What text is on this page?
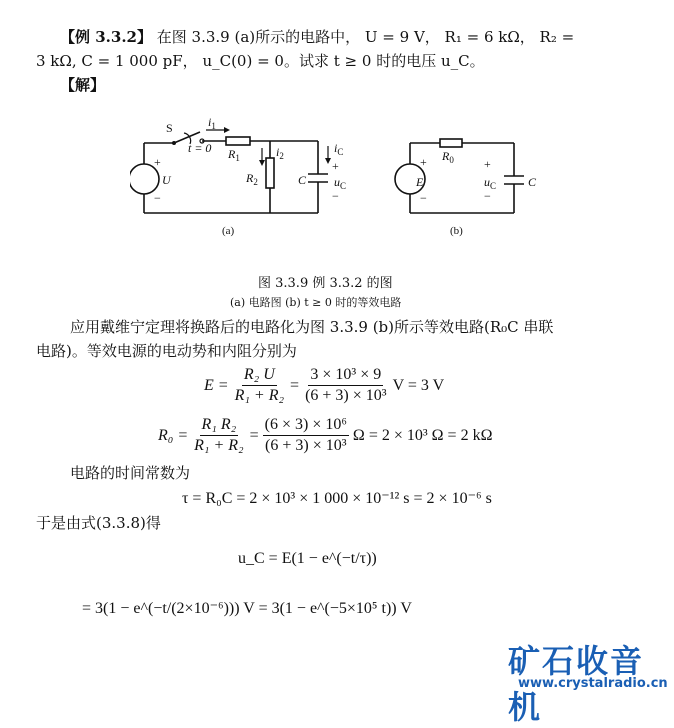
【例 3.3.2】 在图 3.3.9 (a)所示的电路中， U = 9 V， R₁ = 6 kΩ， R₂ =
3 kΩ, C = 1 000 pF， u_C(0) = 0。试求 t ≥ 0 时的电压 u_C。
【解】
+
−
+
−
+
−
+
−
S
t = 0
$i_1$
$R_1$	$i_2$
$R_2$
$i_C$
C $u_C$
U
$R_0$
E	$u_C$	C
(a)	(b)
图 3.3.9 例 3.3.2 的图
(a) 电路图 (b) t ≥ 0 时的等效电路
应用戴维宁定理将换路后的电路化为图 3.3.9 (b)所示等效电路(R₀C 串联
电路)。等效电源的电动势和内阻分别为
$E = \frac{\text{R₂ U}}{\text{R₁ + R₂}} = \frac{\text{3 × 10³ × 9}}{\text{(6 + 3) × 10³}}$ V = 3 V
$R_0 = \frac{\text{R₁ R₂}}{\text{R₁ + R₂}} = \frac{\text{(6 × 3) × 10⁶}}{\text{(6 + 3) × 10³}}$ Ω = 2 × 10³ Ω = 2 kΩ
电路的时间常数为
τ = R₀C = 2 × 10³ × 1 000 × 10⁻¹² s = 2 × 10⁻⁶ s
于是由式(3.3.8)得
u_C = E(1 − e^(−t/τ))
= 3(1 − e^(−t/(2×10⁻⁶))) V = 3(1 − e^(−5×10⁵ t)) V
矿石收音机
www.crystalradio.cn
